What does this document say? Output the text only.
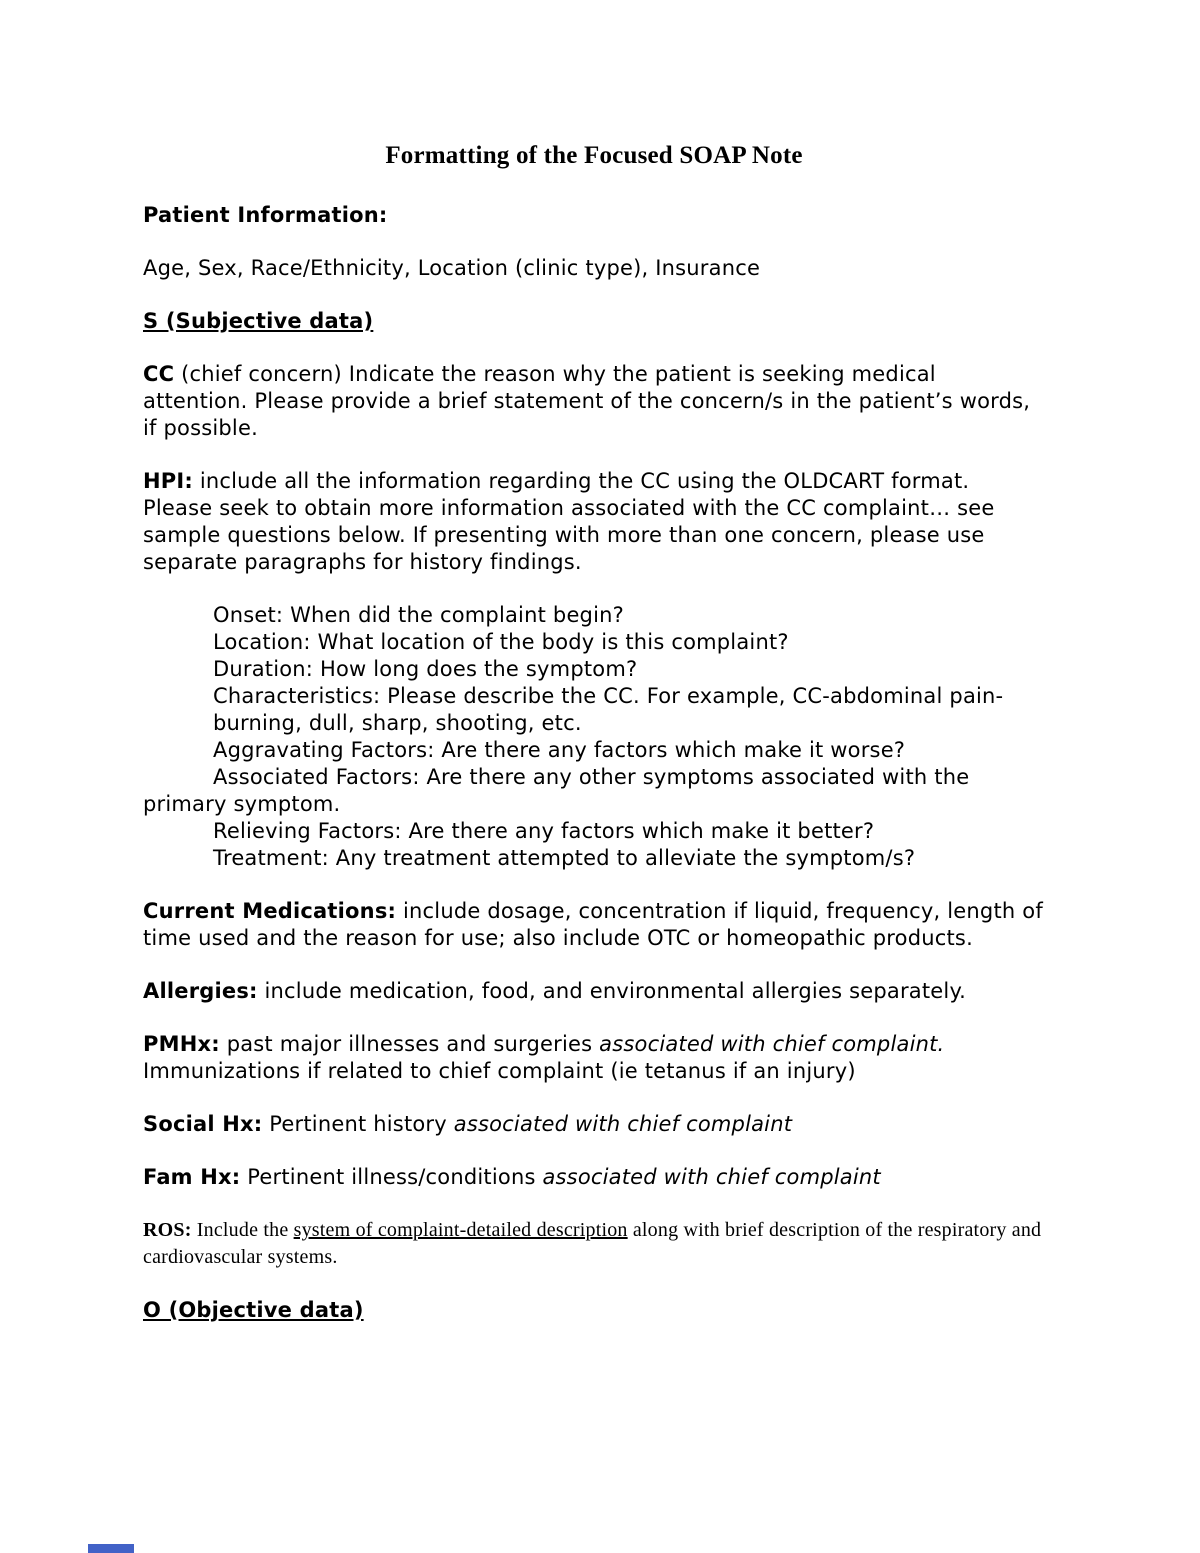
Formatting of the Focused SOAP Note

Patient Information:

Age, Sex, Race/Ethnicity, Location (clinic type), Insurance

S (Subjective data)

CC (chief concern) Indicate the reason why the patient is seeking medical attention. Please provide a brief statement of the concern/s in the patient’s words, if possible.

HPI: include all the information regarding the CC using the OLDCART format. Please seek to obtain more information associated with the CC complaint… see sample questions below. If presenting with more than one concern, please use separate paragraphs for history findings.

Onset: When did the complaint begin?

Location: What location of the body is this complaint?

Duration: How long does the symptom?

Characteristics: Please describe the CC. For example, CC-abdominal pain-burning, dull, sharp, shooting, etc.

Aggravating Factors: Are there any factors which make it worse?

Associated Factors: Are there any other symptoms associated with the primary symptom.

Relieving Factors: Are there any factors which make it better?

Treatment: Any treatment attempted to alleviate the symptom/s?

Current Medications: include dosage, concentration if liquid, frequency, length of time used and the reason for use; also include OTC or homeopathic products.

Allergies: include medication, food, and environmental allergies separately.

PMHx: past major illnesses and surgeries associated with chief complaint. Immunizations if related to chief complaint (ie tetanus if an injury)

Social Hx: Pertinent history associated with chief complaint

Fam Hx: Pertinent illness/conditions associated with chief complaint

ROS: Include the system of complaint-detailed description along with brief description of the respiratory and cardiovascular systems.

O (Objective data)
